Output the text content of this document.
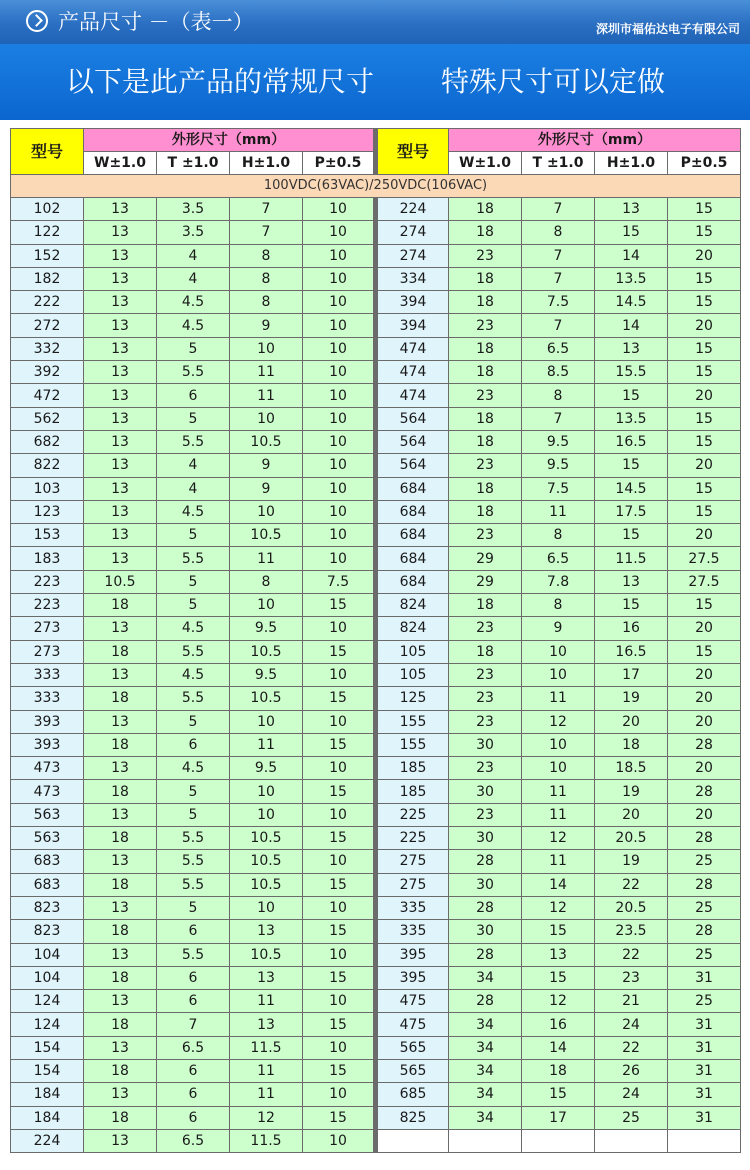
产品尺寸 －（表一）	深圳市福佑达电子有限公司
以下是此产品的常规尺寸 特殊尺寸可以定做
型号	外形尺寸（mm）				型号	外形尺寸（mm）			
	W±1.0	T ±1.0	H±1.0	P±0.5		W±1.0	T ±1.0	H±1.0	P±0.5
100VDC(63VAC)/250VDC(106VAC)									
102	13	3.5	7	10	224	18	7	13	15
122	13	3.5	7	10	274	18	8	15	15
152	13	4	8	10	274	23	7	14	20
182	13	4	8	10	334	18	7	13.5	15
222	13	4.5	8	10	394	18	7.5	14.5	15
272	13	4.5	9	10	394	23	7	14	20
332	13	5	10	10	474	18	6.5	13	15
392	13	5.5	11	10	474	18	8.5	15.5	15
472	13	6	11	10	474	23	8	15	20
562	13	5	10	10	564	18	7	13.5	15
682	13	5.5	10.5	10	564	18	9.5	16.5	15
822	13	4	9	10	564	23	9.5	15	20
103	13	4	9	10	684	18	7.5	14.5	15
123	13	4.5	10	10	684	18	11	17.5	15
153	13	5	10.5	10	684	23	8	15	20
183	13	5.5	11	10	684	29	6.5	11.5	27.5
223	10.5	5	8	7.5	684	29	7.8	13	27.5
223	18	5	10	15	824	18	8	15	15
273	13	4.5	9.5	10	824	23	9	16	20
273	18	5.5	10.5	15	105	18	10	16.5	15
333	13	4.5	9.5	10	105	23	10	17	20
333	18	5.5	10.5	15	125	23	11	19	20
393	13	5	10	10	155	23	12	20	20
393	18	6	11	15	155	30	10	18	28
473	13	4.5	9.5	10	185	23	10	18.5	20
473	18	5	10	15	185	30	11	19	28
563	13	5	10	10	225	23	11	20	20
563	18	5.5	10.5	15	225	30	12	20.5	28
683	13	5.5	10.5	10	275	28	11	19	25
683	18	5.5	10.5	15	275	30	14	22	28
823	13	5	10	10	335	28	12	20.5	25
823	18	6	13	15	335	30	15	23.5	28
104	13	5.5	10.5	10	395	28	13	22	25
104	18	6	13	15	395	34	15	23	31
124	13	6	11	10	475	28	12	21	25
124	18	7	13	15	475	34	16	24	31
154	13	6.5	11.5	10	565	34	14	22	31
154	18	6	11	15	565	34	18	26	31
184	13	6	11	10	685	34	15	24	31
184	18	6	12	15	825	34	17	25	31
224	13	6.5	11.5	10					
